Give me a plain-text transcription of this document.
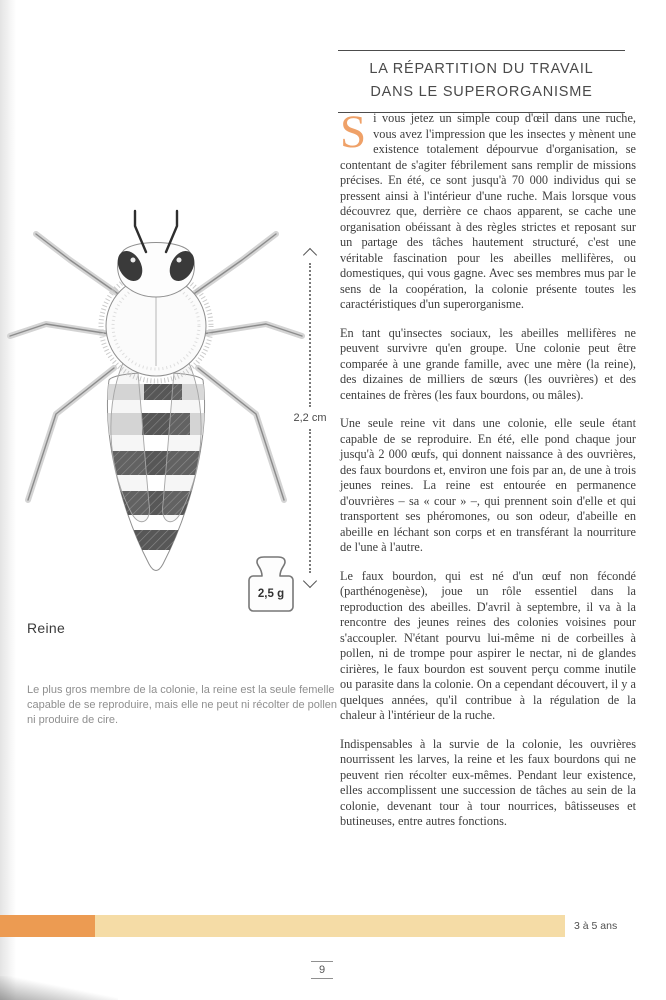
LA RÉPARTITION DU TRAVAIL
DANS LE SUPERORGANISME

Si vous jetez un simple coup d'œil dans une ruche, vous avez l'impression que les insectes y mènent une existence totalement dépourvue d'organisation, se contentant de s'agiter fébrilement sans remplir de missions précises. En été, ce sont jusqu'à 70 000 individus qui se pressent ainsi à l'intérieur d'une ruche. Mais lorsque vous découvrez que, derrière ce chaos apparent, se cache une organisation obéissant à des règles strictes et reposant sur un partage des tâches hautement structuré, c'est une véritable fascination pour les abeilles mellifères, ou domestiques, qui vous gagne. Avec ses membres mus par le sens de la coopération, la colonie présente toutes les caractéristiques d'un superorganisme.

En tant qu'insectes sociaux, les abeilles mellifères ne peuvent survivre qu'en groupe. Une colonie peut être comparée à une grande famille, avec une mère (la reine), des dizaines de milliers de sœurs (les ouvrières) et des centaines de frères (les faux bourdons, ou mâles).

Une seule reine vit dans une colonie, elle seule étant capable de se reproduire. En été, elle pond chaque jour jusqu'à 2 000 œufs, qui donnent naissance à des ouvrières, des faux bourdons et, environ une fois par an, de une à trois jeunes reines. La reine est entourée en permanence d'ouvrières – sa « cour » –, qui prennent soin d'elle et qui transportent ses phéromones, ou son odeur, d'abeille en abeille en léchant son corps et en transférant la nourriture de l'une à l'autre.

Le faux bourdon, qui est né d'un œuf non fécondé (parthénogenèse), joue un rôle essentiel dans la reproduction des abeilles. D'avril à septembre, il va à la rencontre des jeunes reines des colonies voisines pour s'accoupler. N'étant pourvu lui-même ni de corbeilles à pollen, ni de trompe pour aspirer le nectar, ni de glandes cirières, le faux bourdon est souvent perçu comme inutile ou parasite dans la colonie. On a cependant découvert, il y a quelques années, qu'il contribue à la régulation de la chaleur à l'intérieur de la ruche.

Indispensables à la survie de la colonie, les ouvrières nourrissent les larves, la reine et les faux bourdons qui ne peuvent rien récolter eux-mêmes. Pendant leur existence, elles accomplissent une succession de tâches au sein de la colonie, devenant tour à tour nourrices, bâtisseuses et butineuses, entre autres fonctions.

2,2 cm
2,5 g
Reine
Le plus gros membre de la colonie, la reine est la seule femelle capable de se reproduire, mais elle ne peut ni récolter de pollen ni produire de cire.
3 à 5 ans
9
